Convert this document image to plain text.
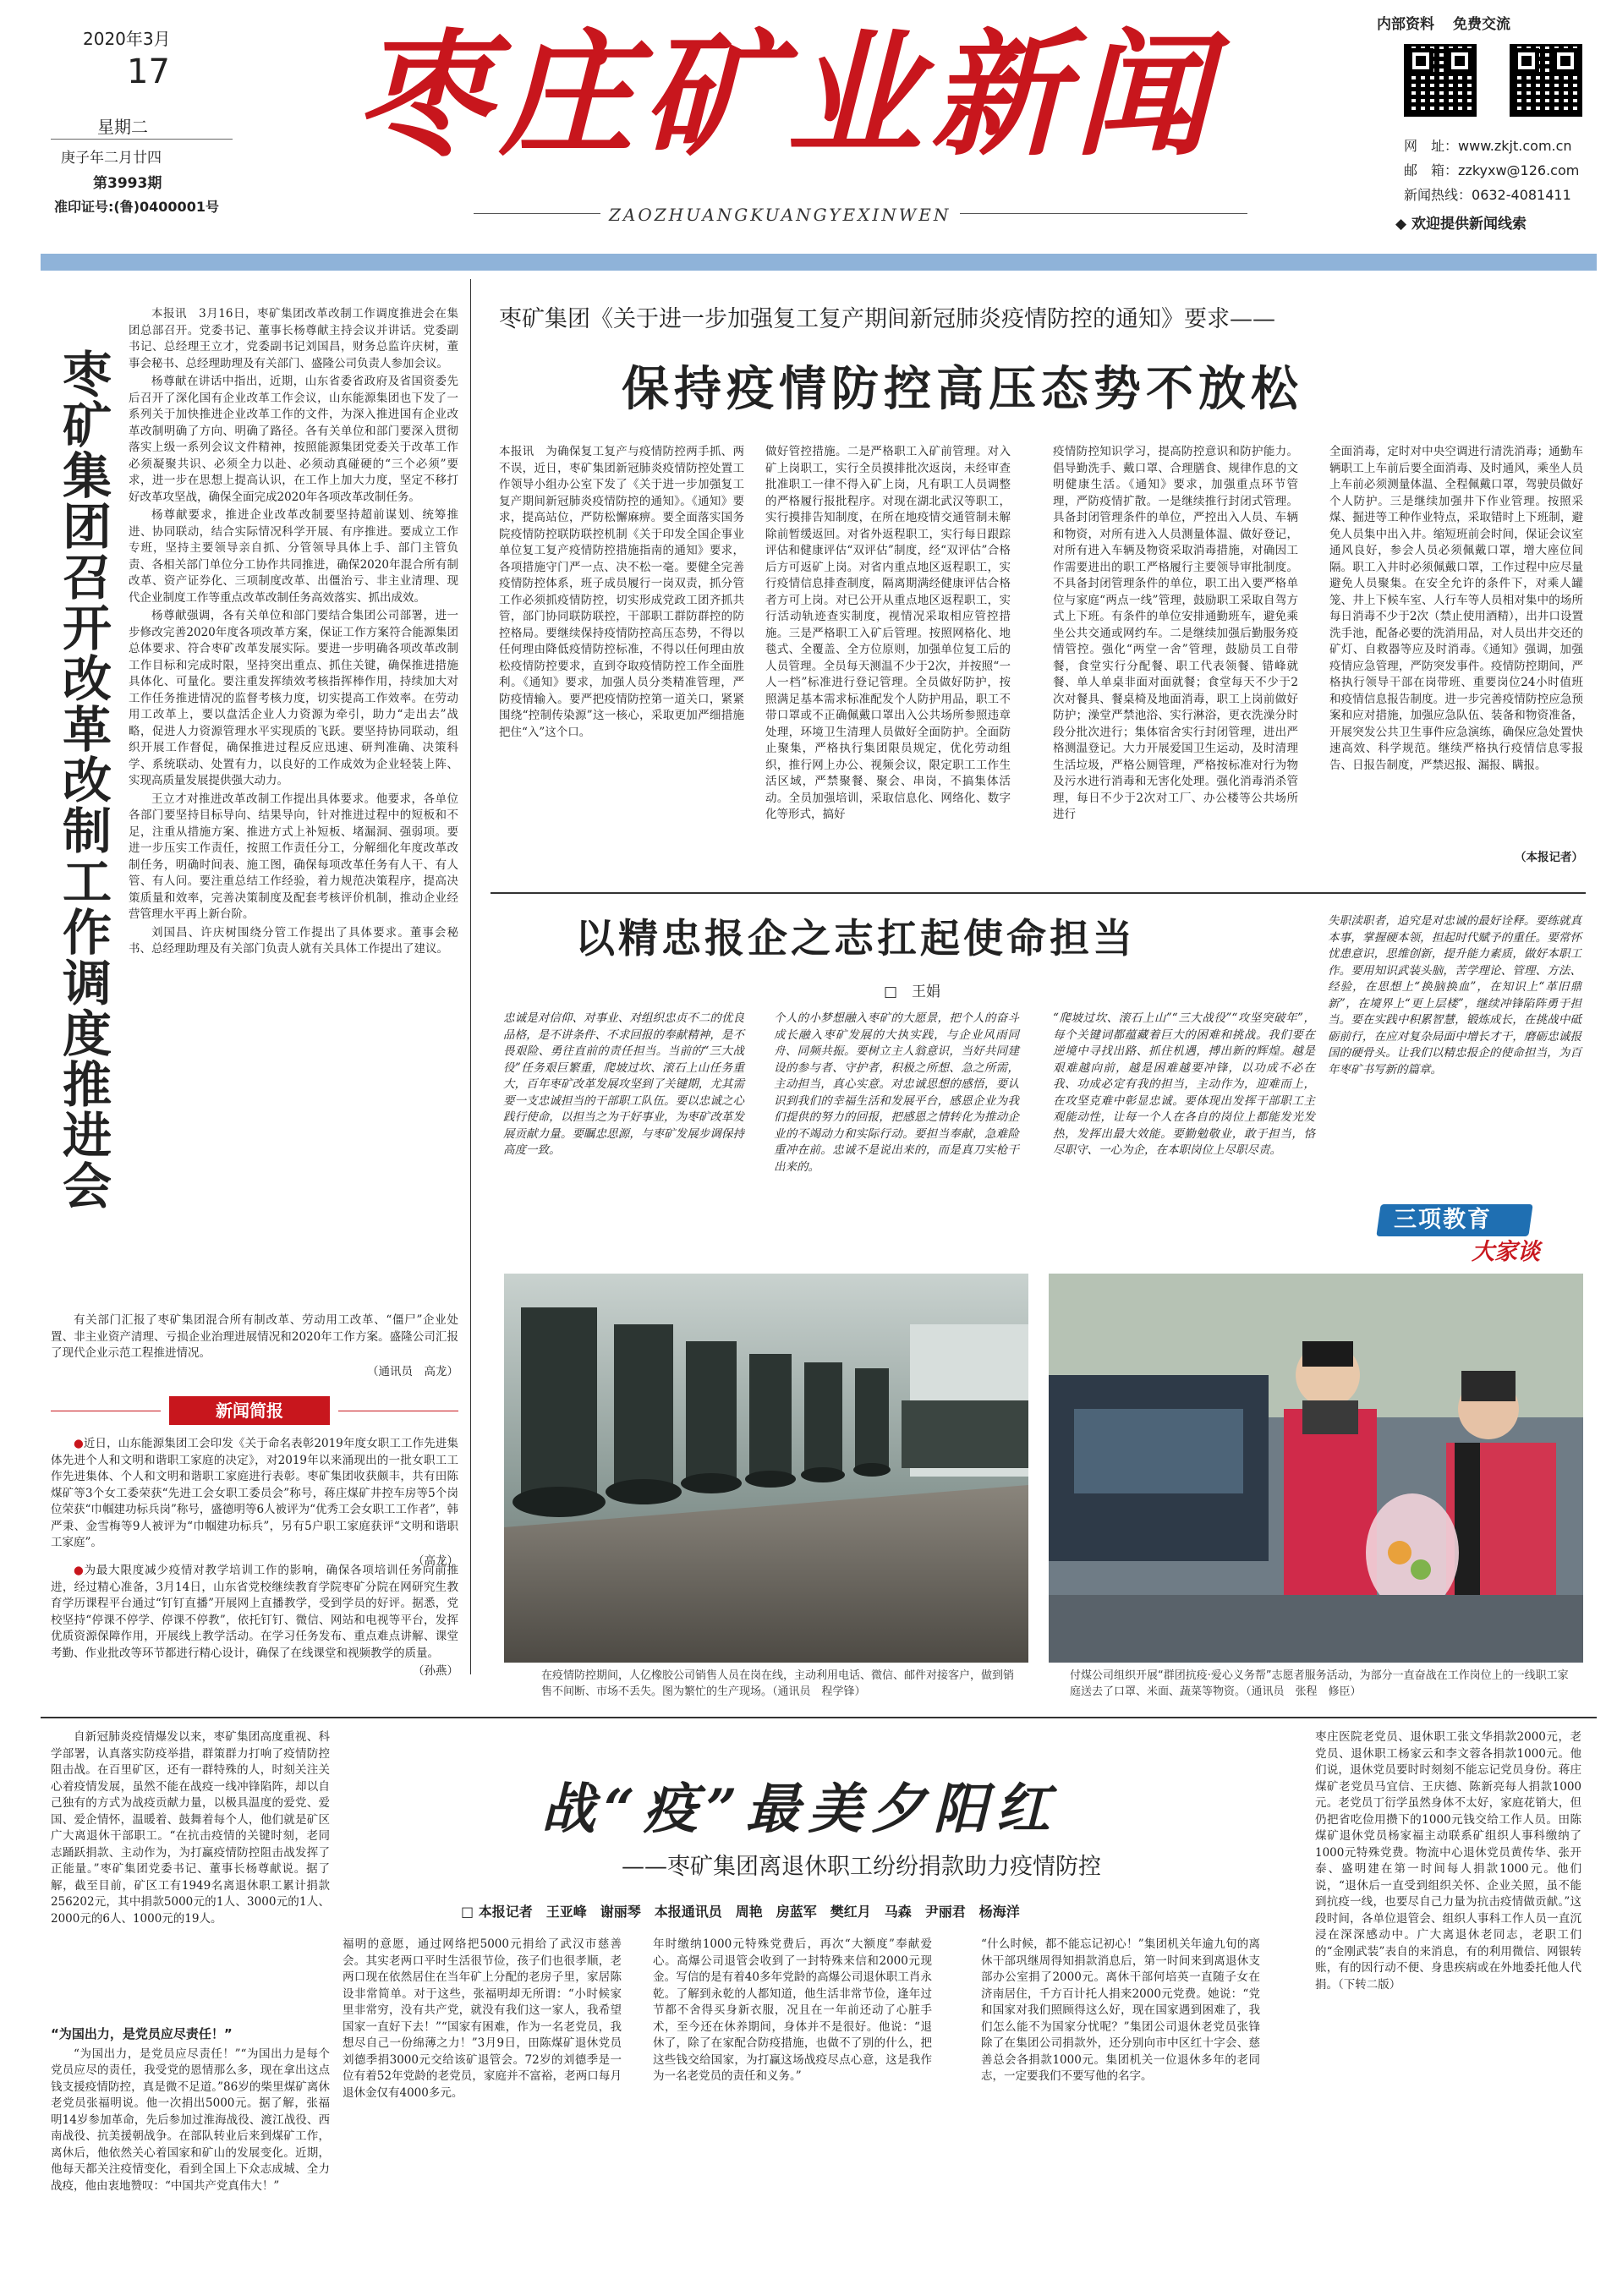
2020年3月
17
星期二
庚子年二月廿四
第3993期
准印证号:(鲁)0400001号
枣庄矿业新闻
ZAOZHUANGKUANGYEXINWEN
内部资料 免费交流
网　址：www.zkjt.com.cn
邮　箱：zzkyxw@126.com
新闻热线：0632-4081411
◆ 欢迎提供新闻线索
枣矿集团召开改革改制工作调度推进会

本报讯　3月16日，枣矿集团改革改制工作调度推进会在集团总部召开。党委书记、董事长杨尊献主持会议并讲话。党委副书记、总经理王立才，党委副书记刘国昌，财务总监许庆树，董事会秘书、总经理助理及有关部门、盛隆公司负责人参加会议。

杨尊献在讲话中指出，近期，山东省委省政府及省国资委先后召开了深化国有企业改革工作会议，山东能源集团也下发了一系列关于加快推进企业改革工作的文件，为深入推进国有企业改革改制明确了方向、明确了路径。各有关单位和部门要深入贯彻落实上级一系列会议文件精神，按照能源集团党委关于改革工作必须凝聚共识、必须全力以赴、必须动真碰硬的“三个必须”要求，进一步在思想上提高认识，在工作上加大力度，坚定不移打好改革攻坚战，确保全面完成2020年各项改革改制任务。

杨尊献要求，推进企业改革改制要坚持超前谋划、统筹推进、协同联动，结合实际情况科学开展、有序推进。要成立工作专班，坚持主要领导亲自抓、分管领导具体上手、部门主管负责、各相关部门单位分工协作共同推进，确保2020年混合所有制改革、资产证券化、三项制度改革、出僵治亏、非主业清理、现代企业制度工作等重点改革改制任务高效落实、抓出成效。

杨尊献强调，各有关单位和部门要结合集团公司部署，进一步修改完善2020年度各项改革方案，保证工作方案符合能源集团总体要求、符合枣矿改革发展实际。要进一步明确各项改革改制工作目标和完成时限，坚持突出重点、抓住关键，确保推进措施具体化、可量化。要注重发挥绩效考核指挥棒作用，持续加大对工作任务推进情况的监督考核力度，切实提高工作效率。在劳动用工改革上，要以盘活企业人力资源为牵引，助力“走出去”战略，促进人力资源管理水平实现质的飞跃。要坚持协同联动，组织开展工作督促，确保推进过程反应迅速、研判准确、决策科学、系统联动、处置有力，以良好的工作成效为企业轻装上阵、实现高质量发展提供强大动力。

王立才对推进改革改制工作提出具体要求。他要求，各单位各部门要坚持目标导向、结果导向，针对推进过程中的短板和不足，注重从措施方案、推进方式上补短板、堵漏洞、强弱项。要进一步压实工作责任，按照工作责任分工，分解细化年度改革改制任务，明确时间表、施工图，确保每项改革任务有人干、有人管、有人问。要注重总结工作经验，着力规范决策程序，提高决策质量和效率，完善决策制度及配套考核评价机制，推动企业经营管理水平再上新台阶。

刘国昌、许庆树围绕分管工作提出了具体要求。董事会秘书、总经理助理及有关部门负责人就有关具体工作提出了建议。

有关部门汇报了枣矿集团混合所有制改革、劳动用工改革、“僵尸”企业处置、非主业资产清理、亏损企业治理进展情况和2020年工作方案。盛隆公司汇报了现代企业示范工程推进情况。

（通讯员　高龙）
新闻简报

●近日，山东能源集团工会印发《关于命名表彰2019年度女职工工作先进集体先进个人和文明和谐职工家庭的决定》，对2019年以来涌现出的一批女职工工作先进集体、个人和文明和谐职工家庭进行表彰。枣矿集团收获颇丰，共有田陈煤矿等3个女工委荣获“先进工会女职工委员会”称号，蒋庄煤矿井控车房等5个岗位荣获“巾帼建功标兵岗”称号，盛德明等6人被评为“优秀工会女职工工作者”，韩严秉、金雪梅等9人被评为“巾帼建功标兵”，另有5户职工家庭获评“文明和谐职工家庭”。

（高龙）

●为最大限度减少疫情对教学培训工作的影响，确保各项培训任务向前推进，经过精心准备，3月14日，山东省党校继续教育学院枣矿分院在网研究生教育学历课程平台通过“钉钉直播”开展网上直播教学，受到学员的好评。据悉，党校坚持“停课不停学、停课不停教”，依托钉钉、微信、网站和电视等平台，发挥优质资源保障作用，开展线上教学活动。在学习任务发布、重点难点讲解、课堂考勤、作业批改等环节都进行精心设计，确保了在线课堂和视频教学的质量。

（孙燕）
枣矿集团《关于进一步加强复工复产期间新冠肺炎疫情防控的通知》要求——
保持疫情防控高压态势不放松
本报讯　为确保复工复产与疫情防控两手抓、两不误，近日，枣矿集团新冠肺炎疫情防控处置工作领导小组办公室下发了《关于进一步加强复工复产期间新冠肺炎疫情防控的通知》。《通知》要求，提高站位，严防松懈麻痹。要全面落实国务院疫情防控联防联控机制《关于印发全国企事业单位复工复产疫情防控措施指南的通知》要求，各项措施守门严一点、决不松一毫。要健全完善疫情防控体系，班子成员履行一岗双责，抓分管工作必须抓疫情防控，切实形成党政工团齐抓共管，部门协同联防联控，干部职工群防群控的防控格局。要继续保持疫情防控高压态势，不得以任何理由降低疫情防控标准，不得以任何理由放松疫情防控要求，直到夺取疫情防控工作全面胜利。《通知》要求，加强人员分类精准管理，严防疫情输入。要严把疫情防控第一道关口，紧紧围绕“控制传染源”这一核心，采取更加严细措施把住“入”这个口。
做好管控措施。二是严格职工入矿前管理。对入矿上岗职工，实行全员摸排批次返岗，未经审查批准职工一律不得入矿上岗，凡有职工人员调整的严格履行报批程序。对现在湖北武汉等职工，实行摸排告知制度，在所在地疫情交通管制未解除前暂缓返回。对省外返程职工，实行每日跟踪评估和健康评估“双评估”制度，经“双评估”合格后方可返矿上岗。对省内重点地区返程职工，实行疫情信息排查制度，隔离期满经健康评估合格者方可上岗。对已公开从重点地区返程职工，实行活动轨迹查实制度，视情况采取相应管控措施。三是严格职工入矿后管理。按照网格化、地毯式、全覆盖、全方位原则，加强单位复工后的人员管理。全员每天测温不少于2次，并按照“一人一档”标准进行登记管理。全员做好防护，按照满足基本需求标准配发个人防护用品，职工不带口罩或不正确佩戴口罩出入公共场所参照违章处理，环境卫生清理人员做好全面防护。全面防止聚集，严格执行集团限员规定，优化劳动组织，推行网上办公、视频会议，限定职工工作生活区域，严禁聚餐、聚会、串岗，不搞集体活动。全员加强培训，采取信息化、网络化、数字化等形式，搞好
疫情防控知识学习，提高防控意识和防护能力。倡导勤洗手、戴口罩、合理膳食、规律作息的文明健康生活。《通知》要求，加强重点环节管理，严防疫情扩散。一是继续推行封闭式管理。具备封闭管理条件的单位，严控出入人员、车辆和物资，对所有进入人员测量体温、做好登记，对所有进入车辆及物资采取消毒措施，对确因工作需要进出的职工严格履行主要领导审批制度。不具备封闭管理条件的单位，职工出入要严格单位与家庭“两点一线”管理，鼓励职工采取自驾方式上下班。有条件的单位安排通勤班车，避免乘坐公共交通或网约车。二是继续加强后勤服务疫情管控。强化“两堂一舍”管理，鼓励员工自带餐，食堂实行分配餐、职工代表领餐、错峰就餐、单人单桌非面对面就餐；食堂每天不少于2次对餐具、餐桌椅及地面消毒，职工上岗前做好防护；澡堂严禁池浴、实行淋浴，更衣洗澡分时段分批次进行；集体宿舍实行封闭管理，进出严格测温登记。大力开展爱国卫生运动，及时清理生活垃圾，严格公厕管理，严格按标准对行为物及污水进行消毒和无害化处理。强化消毒消杀管理，每日不少于2次对工厂、办公楼等公共场所进行
全面消毒，定时对中央空调进行清洗消毒；通勤车辆职工上车前后要全面消毒、及时通风，乘坐人员上车前必须测量体温、全程佩戴口罩，驾驶员做好个人防护。三是继续加强井下作业管理。按照采煤、掘进等工种作业特点，采取错时上下班制，避免人员集中出入井。缩短班前会时间，保证会议室通风良好，参会人员必须佩戴口罩，增大座位间隔。职工入井时必须佩戴口罩，工作过程中应尽量避免人员聚集。在安全允许的条件下，对乘人罐笼、井上下候车室、人行车等人员相对集中的场所每日消毒不少于2次（禁止使用酒精），出井口设置洗手池，配备必要的洗消用品，对人员出井交还的矿灯、自救器等应及时消毒。《通知》强调，加强疫情应急管理，严防突发事件。疫情防控期间，严格执行领导干部在岗带班、重要岗位24小时值班和疫情信息报告制度。进一步完善疫情防控应急预案和应对措施，加强应急队伍、装备和物资准备，开展突发公共卫生事件应急演练，确保应急处置快速高效、科学规范。继续严格执行疫情信息零报告、日报告制度，严禁迟报、漏报、瞒报。
（本报记者）
以精忠报企之志扛起使命担当
□　王娟
忠诚是对信仰、对事业、对组织忠贞不二的优良品格，是不讲条件、不求回报的奉献精神，是不畏艰险、勇往直前的责任担当。当前的“三大战役”任务艰巨繁重，爬坡过坎、滚石上山任务重大，百年枣矿改革发展攻坚到了关键期，尤其需要一支忠诚担当的干部职工队伍。要以忠诚之心践行使命，以担当之为干好事业，为枣矿改革发展贡献力量。要瞩忠思源，与枣矿发展步调保持高度一致。
个人的小梦想融入枣矿的大愿景，把个人的奋斗成长融入枣矿发展的大执实践，与企业风雨同舟、同频共振。要树立主人翁意识，当好共同建设的参与者、守护者，积极之所想、急之所需，主动担当，真心实意。对忠诚思想的感悟，要认识到我们的幸福生活和发展平台，感恩企业为我们提供的努力的回报，把感恩之情转化为推动企业的不竭动力和实际行动。要担当奉献，急难险重冲在前。忠诚不是说出来的，而是真刀实枪干出来的。
“爬坡过坎、滚石上山”“三大战役”“攻坚突破年”，每个关键词都蕴藏着巨大的困难和挑战。我们要在逆境中寻找出路、抓住机遇，搏出新的辉煌。越是艰难越向前，越是困难越要冲锋，以功成不必在我、功成必定有我的担当，主动作为，迎难而上，在攻坚克难中彰显忠诚。要体现出发挥干部职工主观能动性，让每一个人在各自的岗位上都能发光发热，发挥出最大效能。要勤勉敬业，敢于担当，恪尽职守、一心为企，在本职岗位上尽职尽责。
失职渎职者，追究是对忠诚的最好诠释。要练就真本事，掌握硬本领，担起时代赋予的重任。要常怀忧患意识，思维创新，提升能力素质，做好本职工作。要用知识武装头脑，苦学理论、管理、方法、经验，在思想上“换脑换血”，在知识上“革旧鼎新”，在境界上“更上层楼”，继续冲锋陷阵勇于担当。要在实践中积累智慧，锻炼成长，在挑战中砥砺前行，在应对复杂局面中增长才干，磨砺忠诚报国的硬骨头。让我们以精忠报企的使命担当，为百年枣矿书写新的篇章。
三项教育
大家谈
在疫情防控期间，人亿橡胶公司销售人员在岗在线，主动利用电话、微信、邮件对接客户，做到销售不间断、市场不丢失。图为繁忙的生产现场。（通讯员　程学锋）
付煤公司组织开展“群团抗疫·爱心义务帮”志愿者服务活动，为部分一直奋战在工作岗位上的一线职工家庭送去了口罩、米面、蔬菜等物资。（通讯员　张程　修臣）
自新冠肺炎疫情爆发以来，枣矿集团高度重视、科学部署，认真落实防疫举措，群策群力打响了疫情防控阻击战。在百里矿区，还有一群特殊的人，时刻关注关心着疫情发展，虽然不能在战疫一线冲锋陷阵，却以自己独有的方式为战疫贡献力量，以极具温度的爱党、爱国、爱企情怀，温暖着、鼓舞着每个人，他们就是矿区广大离退休干部职工。“在抗击疫情的关键时刻，老同志踊跃捐款、主动作为，为打赢疫情防控阻击战发挥了正能量。”枣矿集团党委书记、董事长杨尊献说。据了解，截至目前，矿区工有1949名离退休职工累计捐款256202元，其中捐款5000元的1人、3000元的1人、2000元的6人、1000元的19人。
战“疫”最美夕阳红
——枣矿集团离退休职工纷纷捐款助力疫情防控
□ 本报记者　王亚峰　谢丽琴　本报通讯员　周艳　房蓝军　樊红月　马森　尹丽君　杨海洋
“为国出力，是党员应尽责任！”
“为国出力，是党员应尽责任！”“为国出力是每个党员应尽的责任，我受党的恩情那么多，现在拿出这点钱支援疫情防控，真是微不足道。”86岁的柴里煤矿离休老党员张福明说。他一次捐出5000元。据了解，张福明14岁参加革命，先后参加过淮海战役、渡江战役、西南战役、抗美援朝战争。在部队转业后来到煤矿工作，离休后，他依然关心着国家和矿山的发展变化。近期，他每天都关注疫情变化，看到全国上下众志成城、全力战疫，他由衷地赞叹：“中国共产党真伟大！”
福明的意愿，通过网络把5000元捐给了武汉市慈善会。其实老两口平时生活很节俭，孩子们也很孝顺，老两口现在依然居住在当年矿上分配的老房子里，家居陈设非常简单。对于这些，张福明却无所谓：“小时候家里非常穷，没有共产党，就没有我们这一家人，我希望国家一直好下去！”“国家有困难，作为一名老党员，我想尽自己一份绵薄之力！”3月9日，田陈煤矿退休党员刘德季捐3000元交给该矿退管会。72岁的刘德季是一位有着52年党龄的老党员，家庭并不富裕，老两口每月退休金仅有4000多元。
年时缴纳1000元特殊党费后，再次“大额度”奉献爱心。高爆公司退管会收到了一封特殊来信和2000元现金。写信的是有着40多年党龄的高爆公司退休职工肖永乾。了解到永乾的人都知道，他生活非常节俭，逢年过节都不舍得买身新衣服，况且在一年前还动了心脏手术，至今还在休养期间，身体并不是很好。他说：“退休了，除了在家配合防疫措施，也做不了别的什么，把这些钱交给国家，为打赢这场战疫尽点心意，这是我作为一名老党员的责任和义务。”
“什么时候，都不能忘记初心！”集团机关年逾九旬的离休干部巩继周得知捐款消息后，第一时间来到离退休支部办公室捐了2000元。离休干部何培英一直随子女在济南居住，千方百计托人捐来2000元党费。她说：“党和国家对我们照顾得这么好，现在国家遇到困难了，我们怎么能不为国家分忧呢？”集团公司退休老党员张锋除了在集团公司捐款外，还分别向市中区红十字会、慈善总会各捐款1000元。集团机关一位退休多年的老同志，一定要我们不要写他的名字。
枣庄医院老党员、退休职工张文华捐款2000元，老党员、退休职工杨家云和李文蓉各捐款1000元。他们说，退休党员要时时刻刻不能忘记党员身份。蒋庄煤矿老党员马宜信、王庆德、陈新亮每人捐款1000元。老党员丁衍学虽然身体不太好，家庭花销大，但仍把省吃俭用攒下的1000元钱交给工作人员。田陈煤矿退休党员杨家福主动联系矿组织人事科缴纳了1000元特殊党费。物流中心退休党员黄传华、张开泰、盛明建在第一时间每人捐款1000元。他们说，“退休后一直受到组织关怀、企业关照，虽不能到抗疫一线，也要尽自己力量为抗击疫情做贡献。”这段时间，各单位退管会、组织人事科工作人员一直沉浸在深深感动中。广大离退休老同志，老职工们的“金刚武装”表自的来消息，有的利用微信、网银转账，有的因行动不便、身患疾病或在外地委托他人代捐。（下转二版）
